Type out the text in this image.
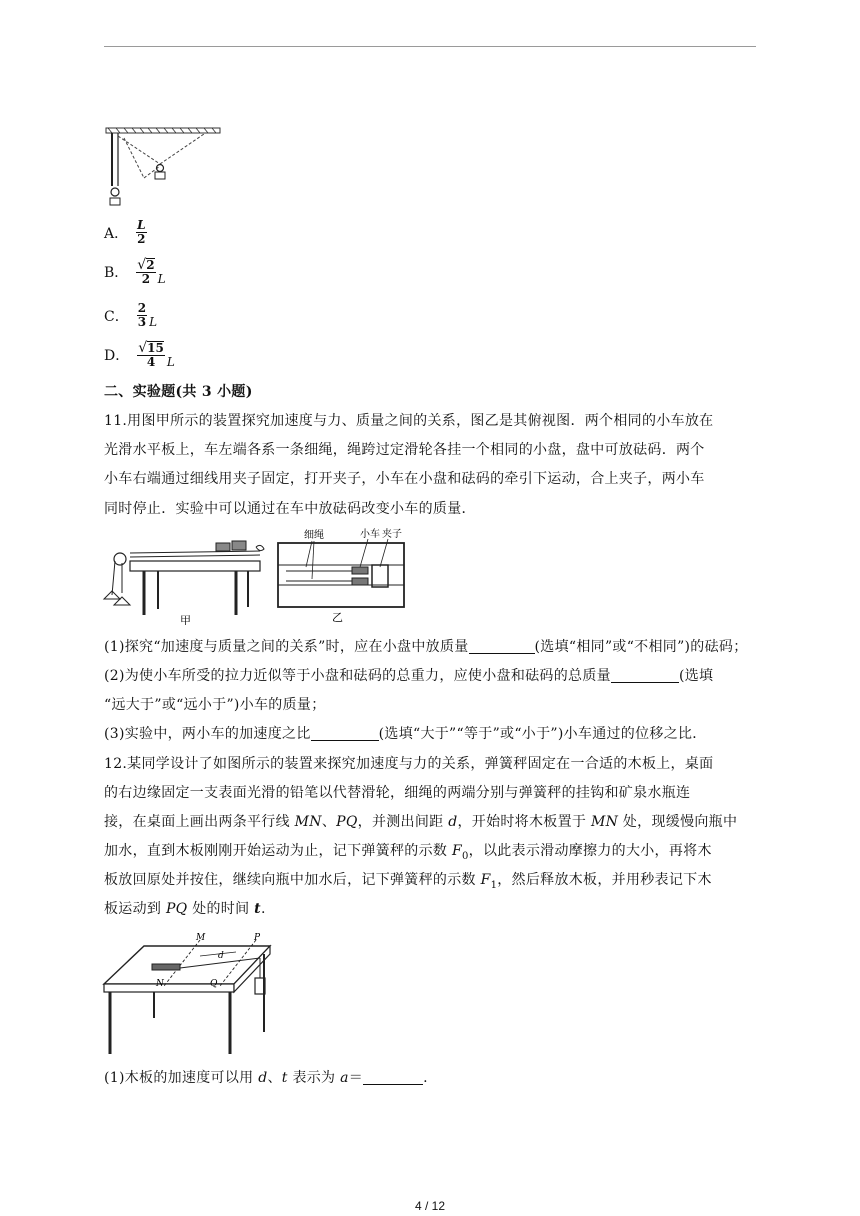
A． $\frac{L}{2}$
B． $\frac{√ 2}{2}$ L
C． $\frac{2}{3}$ L
D． $\frac{√ 15}{4}$ L
二、实验题(共 3 小题)
11.用图甲所示的装置探究加速度与力、质量之间的关系，图乙是其俯视图．两个相同的小车放在
光滑水平板上，车左端各系一条细绳，绳跨过定滑轮各挂一个相同的小盘，盘中可放砝码．两个
小车右端通过细线用夹子固定，打开夹子，小车在小盘和砝码的牵引下运动，合上夹子，两小车
同时停止．实验中可以通过在车中放砝码改变小车的质量．
甲
细绳	小车 夹子
乙
(1)探究“加速度与质量之间的关系”时，应在小盘中放质量	(选填“相同”或“不相同”)的砝码；
(2)为使小车所受的拉力近似等于小盘和砝码的总重力，应使小盘和砝码的总质量	(选填
“远大于”或“远小于”)小车的质量；
(3)实验中，两小车的加速度之比	(选填“大于”“等于”或“小于”)小车通过的位移之比．
12.某同学设计了如图所示的装置来探究加速度与力的关系，弹簧秤固定在一合适的木板上，桌面
的右边缘固定一支表面光滑的铅笔以代替滑轮，细绳的两端分别与弹簧秤的挂钩和矿泉水瓶连
接，在桌面上画出两条平行线 MN、PQ，并测出间距 d，开始时将木板置于 MN 处，现缓慢向瓶中
加水，直到木板刚刚开始运动为止，记下弹簧秤的示数 $F_0$，以此表示滑动摩擦力的大小，再将木
板放回原处并按住，继续向瓶中加水后，记下弹簧秤的示数 $F_1$，然后释放木板，并用秒表记下木
板运动到 PQ 处的时间 t.
M	P
d
N	Q
(1)木板的加速度可以用 d、t 表示为 a＝	.
4 / 12
